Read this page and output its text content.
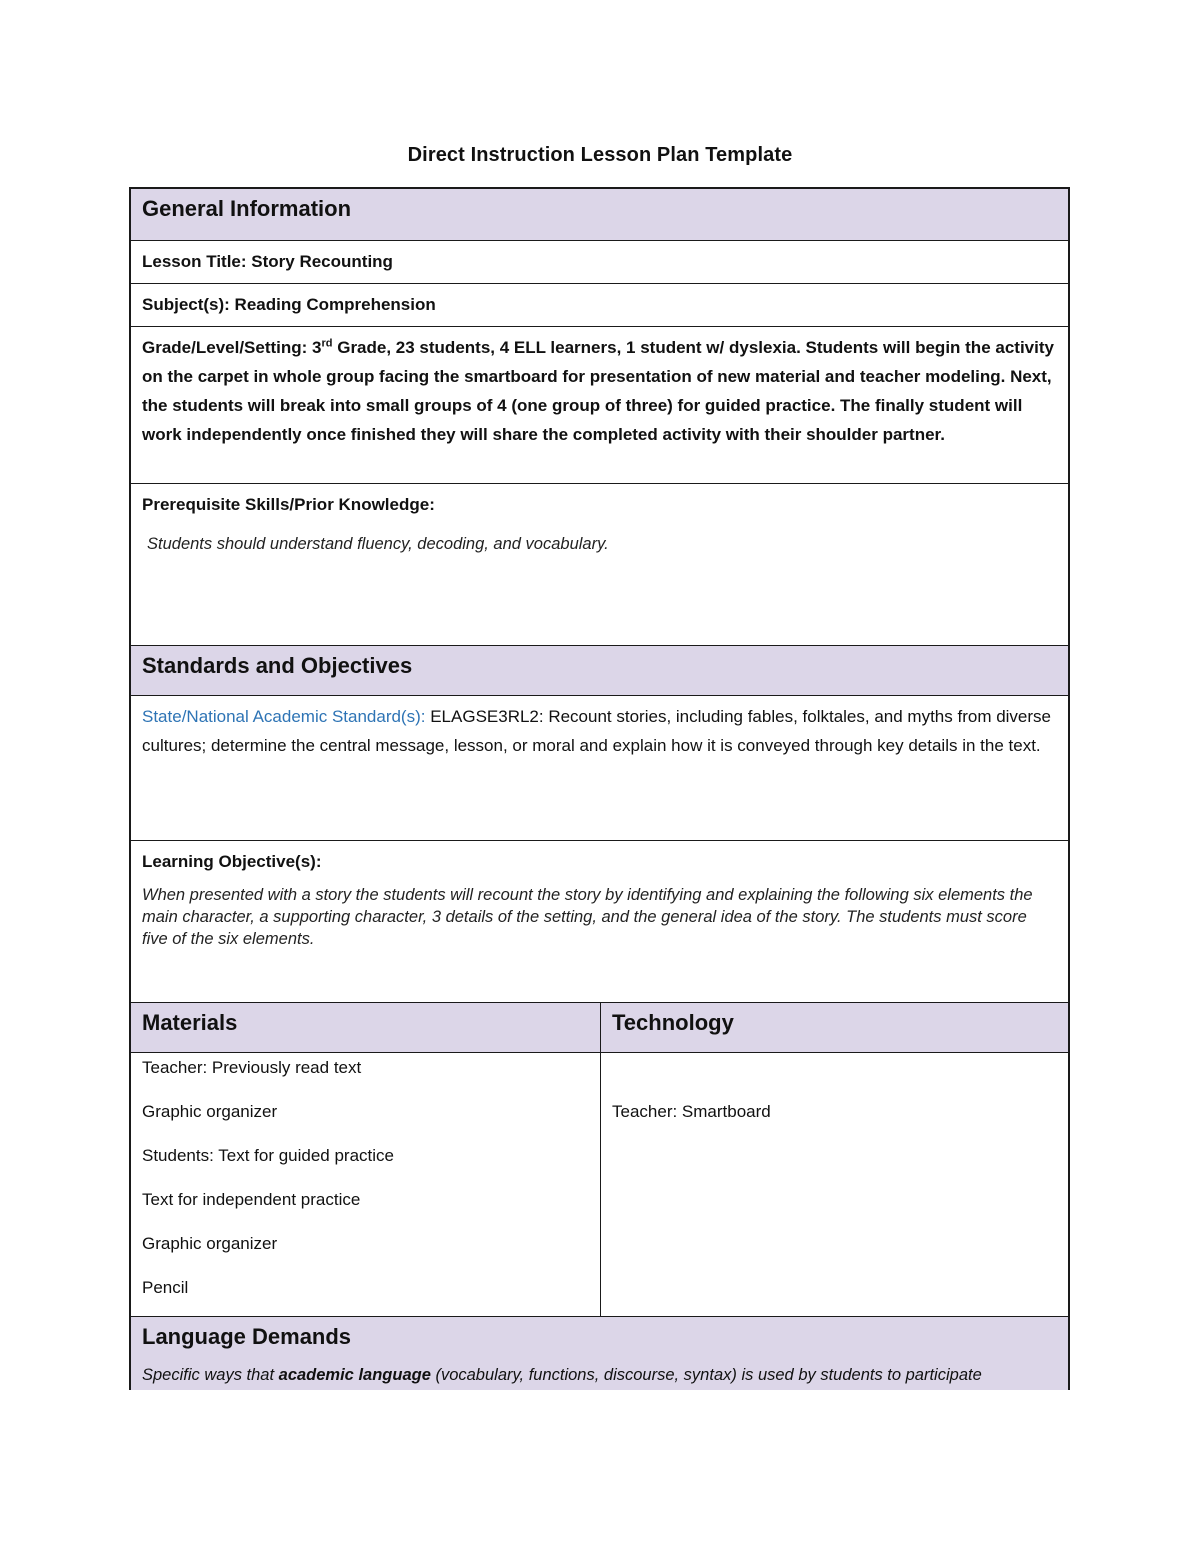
Direct Instruction Lesson Plan Template
General Information
Lesson Title: Story Recounting
Subject(s): Reading Comprehension
Grade/Level/Setting: 3rd Grade, 23 students, 4 ELL learners, 1 student w/ dyslexia. Students will begin the activity on the carpet in whole group facing the smartboard for presentation of new material and teacher modeling. Next, the students will break into small groups of 4 (one group of three) for guided practice. The finally student will work independently once finished they will share the completed activity with their shoulder partner.
Prerequisite Skills/Prior Knowledge:
Students should understand fluency, decoding, and vocabulary.
Standards and Objectives
State/National Academic Standard(s): ELAGSE3RL2: Recount stories, including fables, folktales, and myths from diverse cultures; determine the central message, lesson, or moral and explain how it is conveyed through key details in the text.
Learning Objective(s):
When presented with a story the students will recount the story by identifying and explaining the following six elements the main character, a supporting character, 3 details of the setting, and the general idea of the story. The students must score five of the six elements.
Materials	Technology
Teacher: Previously read text
Graphic organizer
Students: Text for guided practice
Text for independent practice
Graphic organizer
Pencil
Teacher: Smartboard
Language Demands
Specific ways that academic language (vocabulary, functions, discourse, syntax) is used by students to participate
